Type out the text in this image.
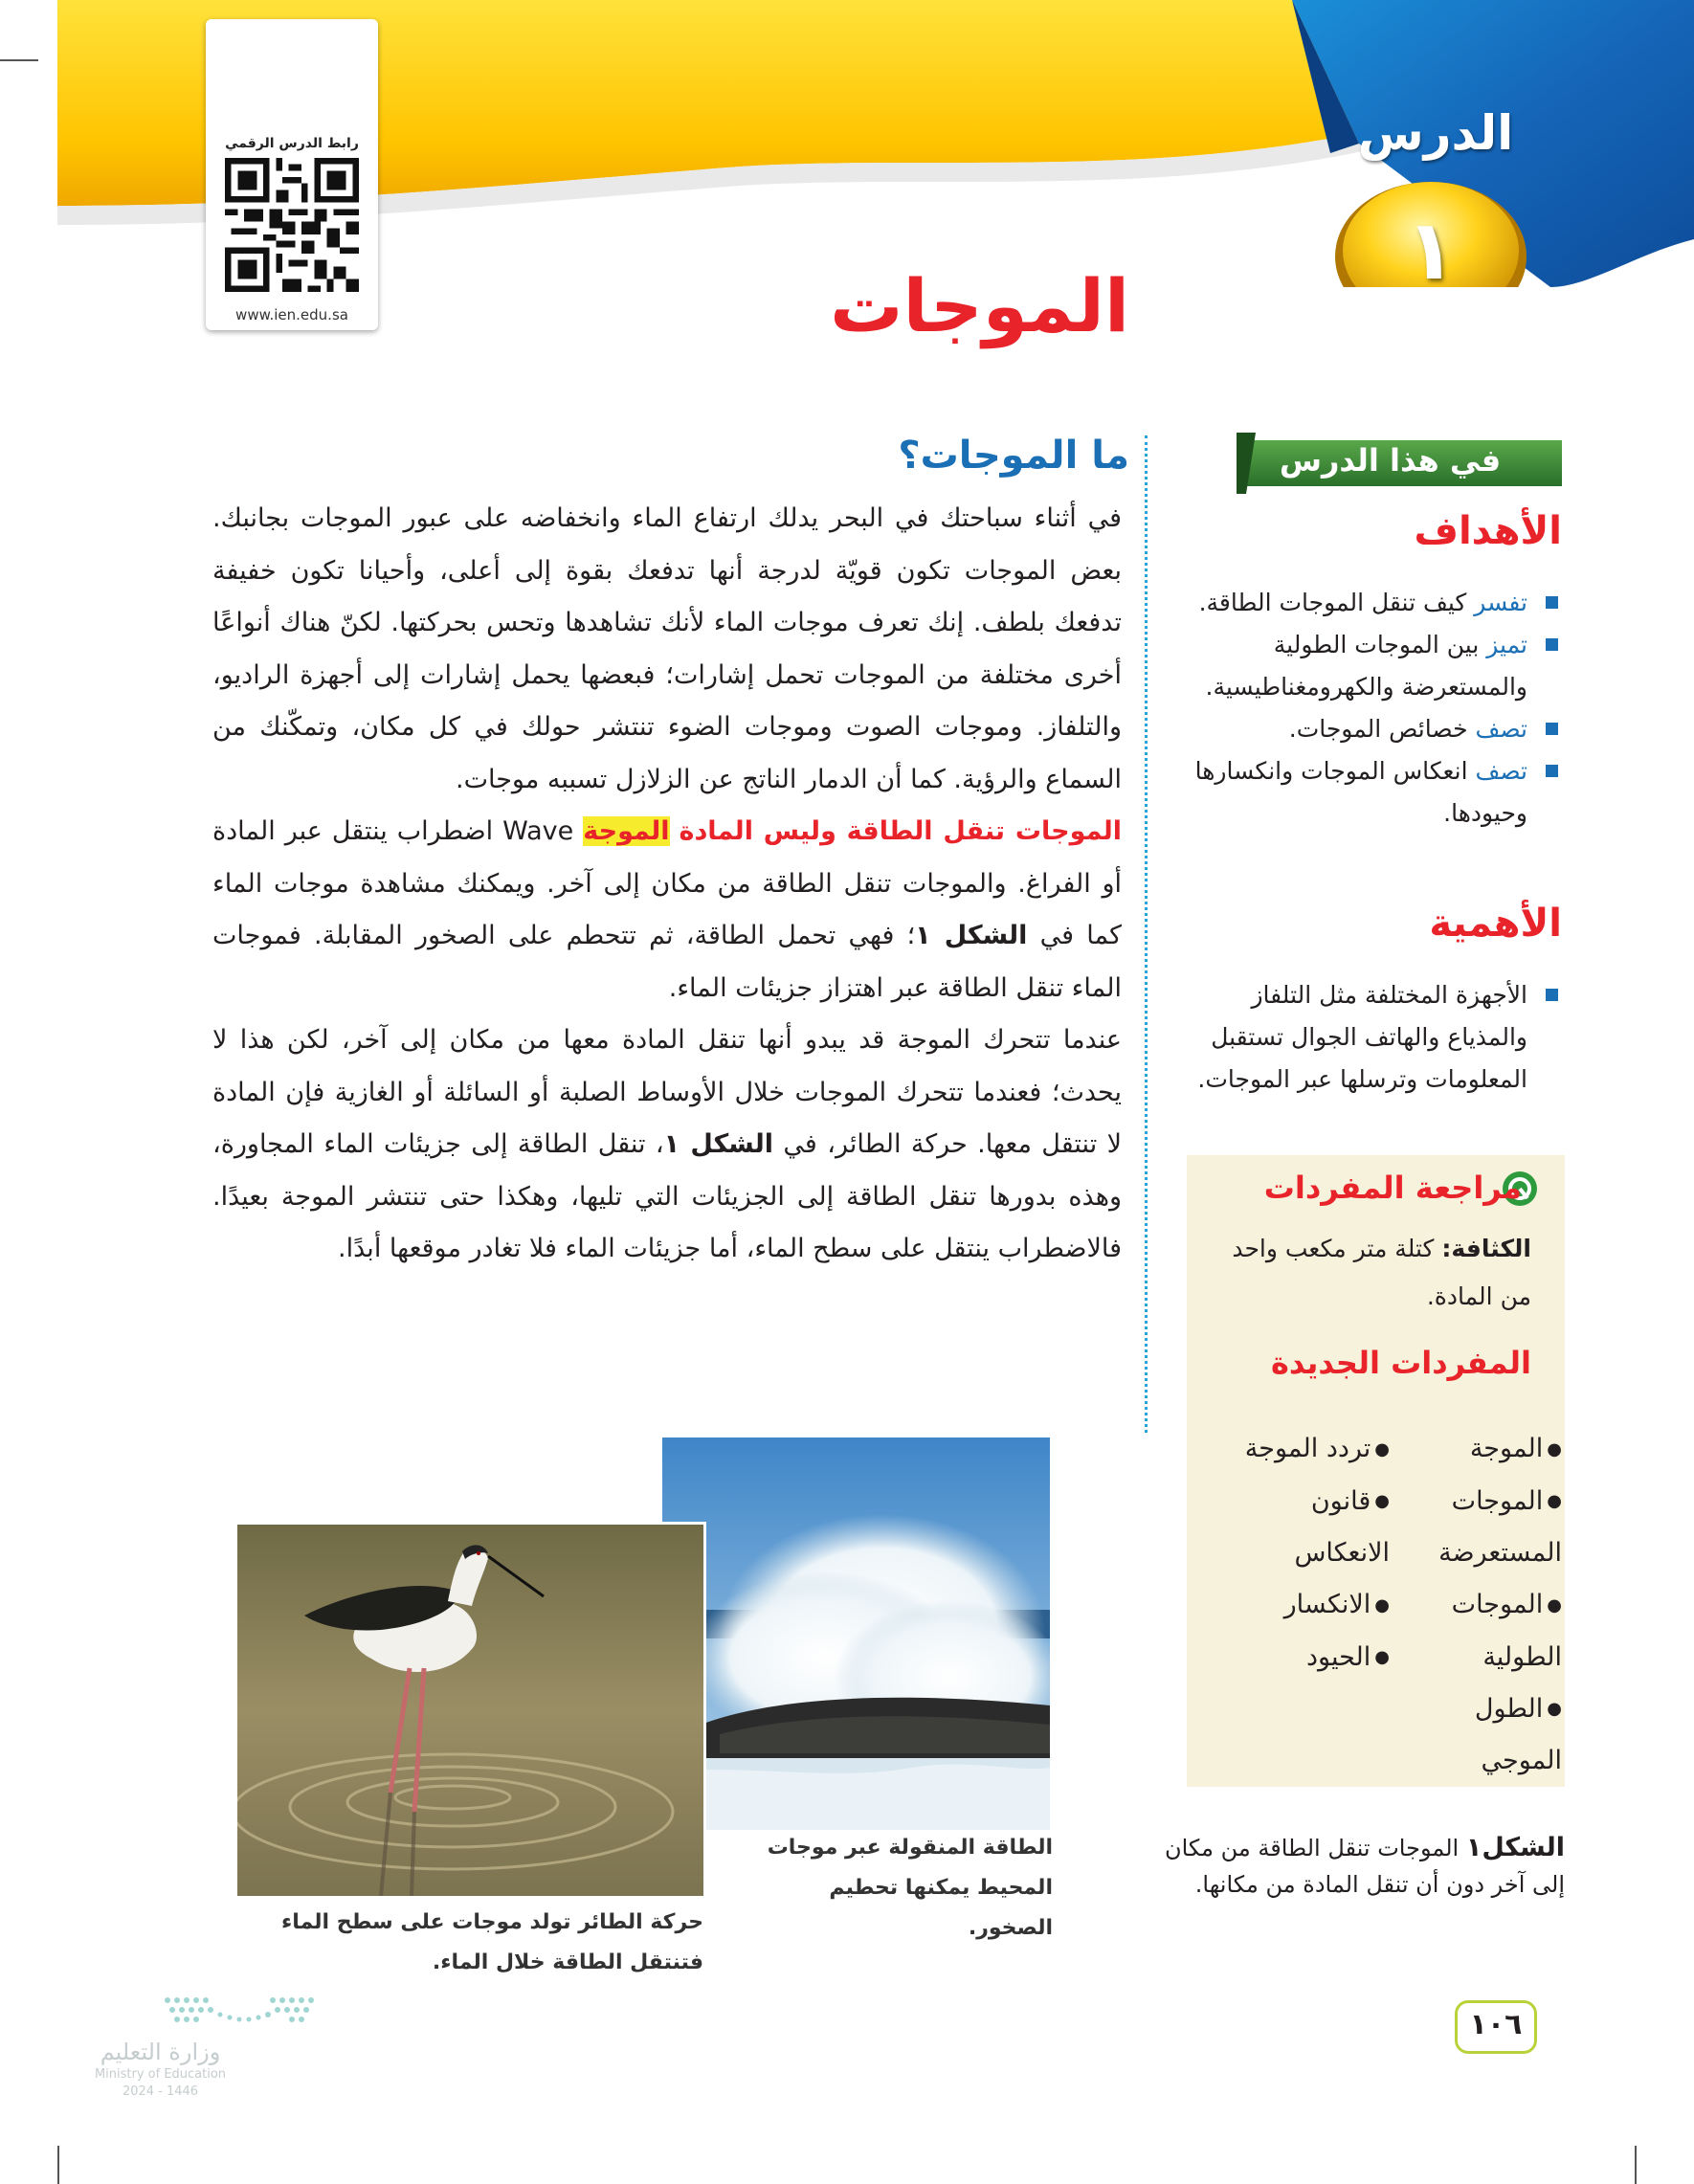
رابط الدرس الرقمي
www.ien.edu.sa
الدرس
١
الموجات
في هذا الدرس
الأهداف
تفسر كيف تنقل الموجات الطاقة.
تميز بين الموجات الطولية والمستعرضة والكهرومغناطيسية.
تصف خصائص الموجات.
تصف انعكاس الموجات وانكسارها وحيودها.
الأهمية
الأجهزة المختلفة مثل التلفاز والمذياع والهاتف الجوال تستقبل المعلومات وترسلها عبر الموجات.
مراجعة المفردات
الكثافة: كتلة متر مكعب واحد من المادة.
المفردات الجديدة
● الموجة
● الموجات المستعرضة
● الموجات الطولية
● الطول الموجي
● تردد الموجة
● قانون الانعكاس
● الانكسار
● الحيود
الشكل١ الموجات تنقل الطاقة من مكان إلى آخر دون أن تنقل المادة من مكانها.
ما الموجات؟

في أثناء سباحتك في البحر يدلك ارتفاع الماء وانخفاضه على عبور الموجات بجانبك. بعض الموجات تكون قويّة لدرجة أنها تدفعك بقوة إلى أعلى، وأحيانا تكون خفيفة تدفعك بلطف. إنك تعرف موجات الماء لأنك تشاهدها وتحس بحركتها. لكنّ هناك أنواعًا أخرى مختلفة من الموجات تحمل إشارات؛ فبعضها يحمل إشارات إلى أجهزة الراديو، والتلفاز. وموجات الصوت وموجات الضوء تنتشر حولك في كل مكان، وتمكّنك من السماع والرؤية. كما أن الدمار الناتج عن الزلازل تسببه موجات.

الموجات تنقل الطاقة وليس المادة الموجة Wave اضطراب ينتقل عبر المادة أو الفراغ. والموجات تنقل الطاقة من مكان إلى آخر. ويمكنك مشاهدة موجات الماء كما في الشكل ١؛ فهي تحمل الطاقة، ثم تتحطم على الصخور المقابلة. فموجات الماء تنقل الطاقة عبر اهتزاز جزيئات الماء.

عندما تتحرك الموجة قد يبدو أنها تنقل المادة معها من مكان إلى آخر، لكن هذا لا يحدث؛ فعندما تتحرك الموجات خلال الأوساط الصلبة أو السائلة أو الغازية فإن المادة لا تنتقل معها. حركة الطائر، في الشكل ١، تنقل الطاقة إلى جزيئات الماء المجاورة، وهذه بدورها تنقل الطاقة إلى الجزيئات التي تليها، وهكذا حتى تنتشر الموجة بعيدًا. فالاضطراب ينتقل على سطح الماء، أما جزيئات الماء فلا تغادر موقعها أبدًا.

الطاقة المنقولة عبر موجات المحيط يمكنها تحطيم الصخور.
حركة الطائر تولد موجات على سطح الماء فتنتقل الطاقة خلال الماء.
١٠٦
وزارة التعليم
Ministry of Education
2024 - 1446
